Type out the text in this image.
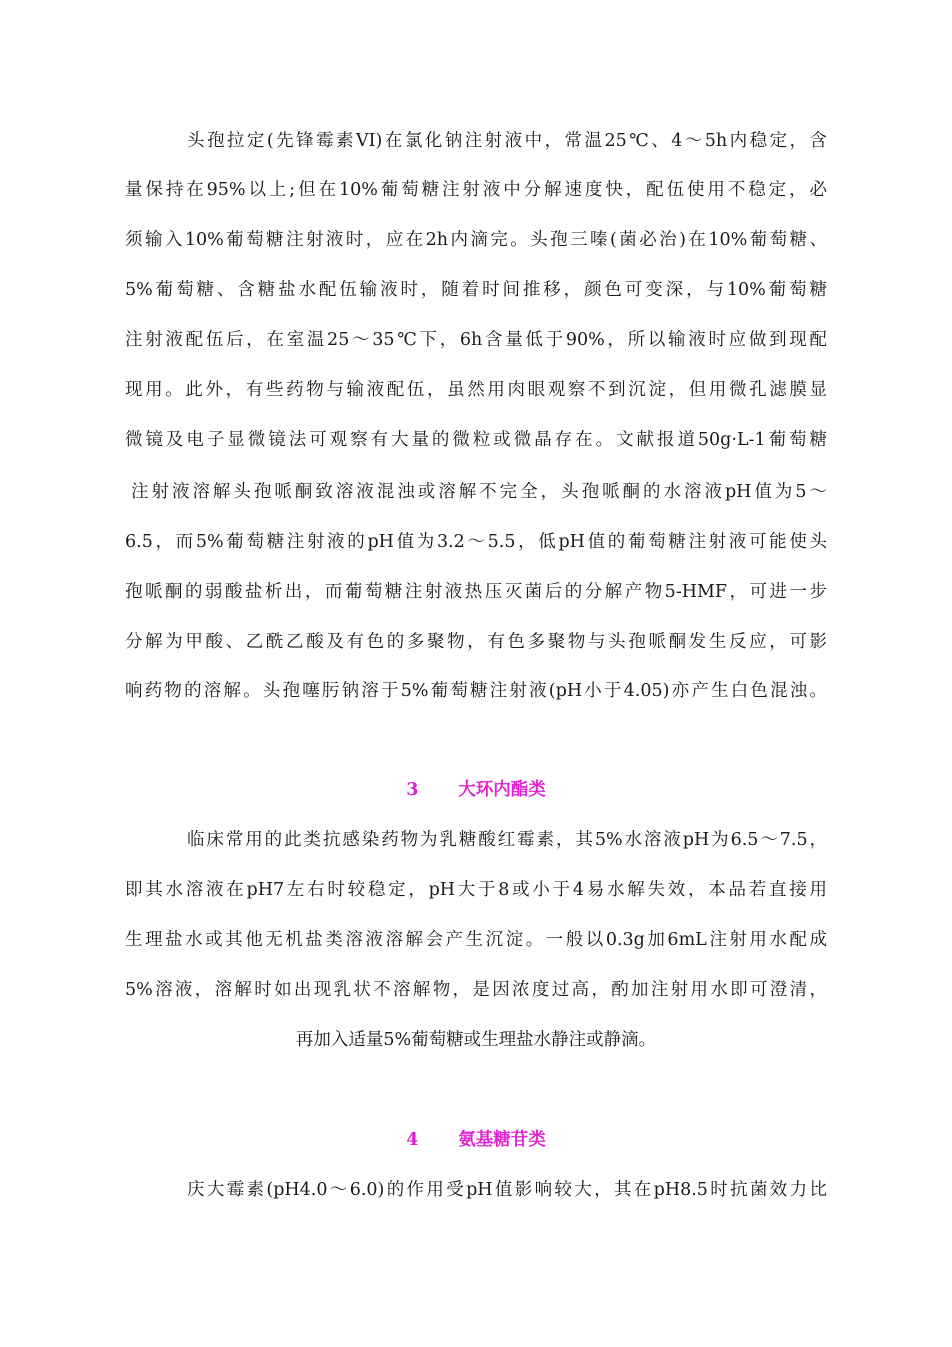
头孢拉定(先锋霉素VI)在氯化钠注射液中，常温25℃、4～5h内稳定，含
量保持在95%以上;但在10%葡萄糖注射液中分解速度快，配伍使用不稳定，必
须输入10%葡萄糖注射液时，应在2h内滴完。头孢三嗪(菌必治)在10%葡萄糖、
5%葡萄糖、含糖盐水配伍输液时，随着时间推移，颜色可变深，与10%葡萄糖
注射液配伍后，在室温25～35℃下，6h含量低于90%，所以输液时应做到现配
现用。此外，有些药物与输液配伍，虽然用肉眼观察不到沉淀，但用微孔滤膜显
微镜及电子显微镜法可观察有大量的微粒或微晶存在。文献报道50g·L-1葡萄糖
注射液溶解头孢哌酮致溶液混浊或溶解不完全，头孢哌酮的水溶液pH值为5～
6.5，而5%葡萄糖注射液的pH值为3.2～5.5，低pH值的葡萄糖注射液可能使头
孢哌酮的弱酸盐析出，而葡萄糖注射液热压灭菌后的分解产物5-HMF，可进一步
分解为甲酸、乙酰乙酸及有色的多聚物，有色多聚物与头孢哌酮发生反应，可影
响药物的溶解。头孢噻肟钠溶于5%葡萄糖注射液(pH小于4.05)亦产生白色混浊。
3 大环内酯类
临床常用的此类抗感染药物为乳糖酸红霉素，其5%水溶液pH为6.5～7.5，
即其水溶液在pH7左右时较稳定，pH大于8或小于4易水解失效，本品若直接用
生理盐水或其他无机盐类溶液溶解会产生沉淀。一般以0.3g加6mL注射用水配成
5%溶液，溶解时如出现乳状不溶解物，是因浓度过高，酌加注射用水即可澄清，
再加入适量5%葡萄糖或生理盐水静注或静滴。
4 氨基糖苷类
庆大霉素(pH4.0～6.0)的作用受pH值影响较大，其在pH8.5时抗菌效力比
